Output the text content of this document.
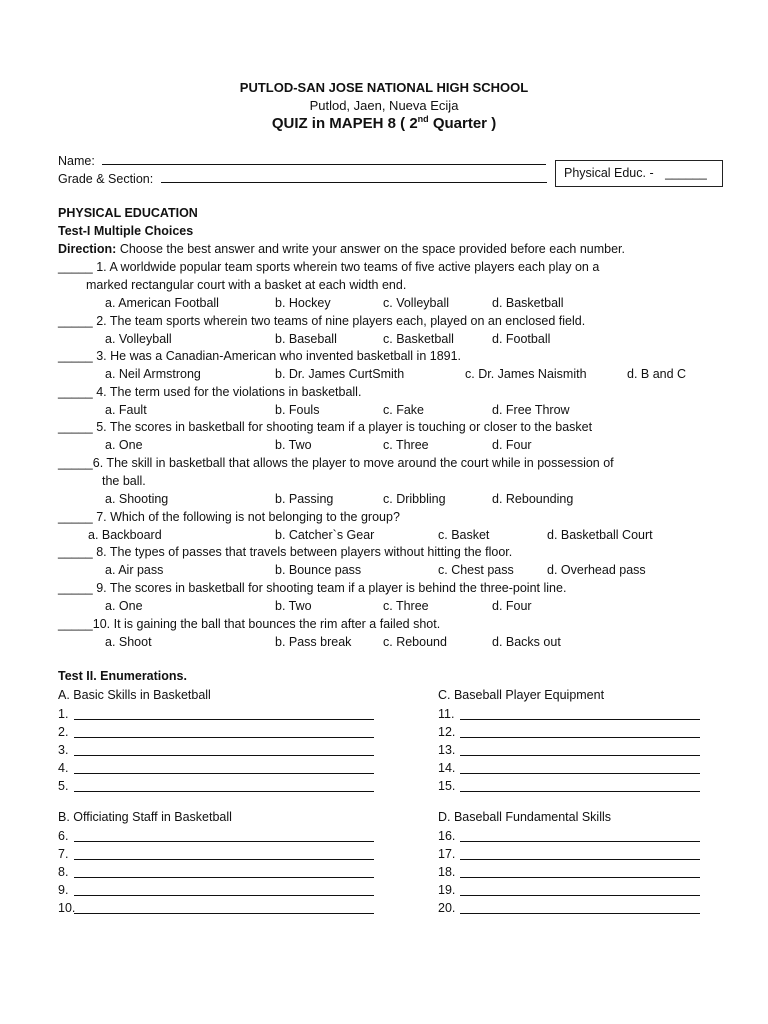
PUTLOD-SAN JOSE NATIONAL HIGH SCHOOL
Putlod, Jaen, Nueva Ecija
QUIZ in MAPEH 8 ( 2nd Quarter )
Name:
Grade & Section:	Physical Educ. - ______
PHYSICAL EDUCATION
Test-I Multiple Choices
Direction: Choose the best answer and write your answer on the space provided before each number.
_____ 1. A worldwide popular team sports wherein two teams of five active players each play on a
marked rectangular court with a basket at each width end.
a. American Football	b. Hockey	c. Volleyball	d. Basketball
_____ 2. The team sports wherein two teams of nine players each, played on an enclosed field.
a. Volleyball	b. Baseball	c. Basketball	d. Football
_____ 3. He was a Canadian-American who invented basketball in 1891.
a. Neil Armstrong	b. Dr. James CurtSmith	c. Dr. James Naismith	d. B and C
_____ 4. The term used for the violations in basketball.
a. Fault	b. Fouls	c. Fake	d. Free Throw
_____ 5. The scores in basketball for shooting team if a player is touching or closer to the basket
a. One	b. Two	c. Three	d. Four
_____6. The skill in basketball that allows the player to move around the court while in possession of
the ball.
a. Shooting	b. Passing	c. Dribbling	d. Rebounding
_____ 7. Which of the following is not belonging to the group?
a. Backboard	b. Catcher`s Gear	c. Basket	d. Basketball Court
_____ 8. The types of passes that travels between players without hitting the floor.
a. Air pass	b. Bounce pass	c. Chest pass	d. Overhead pass
_____ 9. The scores in basketball for shooting team if a player is behind the three-point line.
a. One	b. Two	c. Three	d. Four
_____10. It is gaining the ball that bounces the rim after a failed shot.
a. Shoot	b. Pass break	c. Rebound	d. Backs out
Test II. Enumerations.
A. Basic Skills in Basketball
1.
2.
3.
4.
5.
C. Baseball Player Equipment
11.
12.
13.
14.
15.
B. Officiating Staff in Basketball
6.
7.
8.
9.
10.
D. Baseball Fundamental Skills
16.
17.
18.
19.
20.
